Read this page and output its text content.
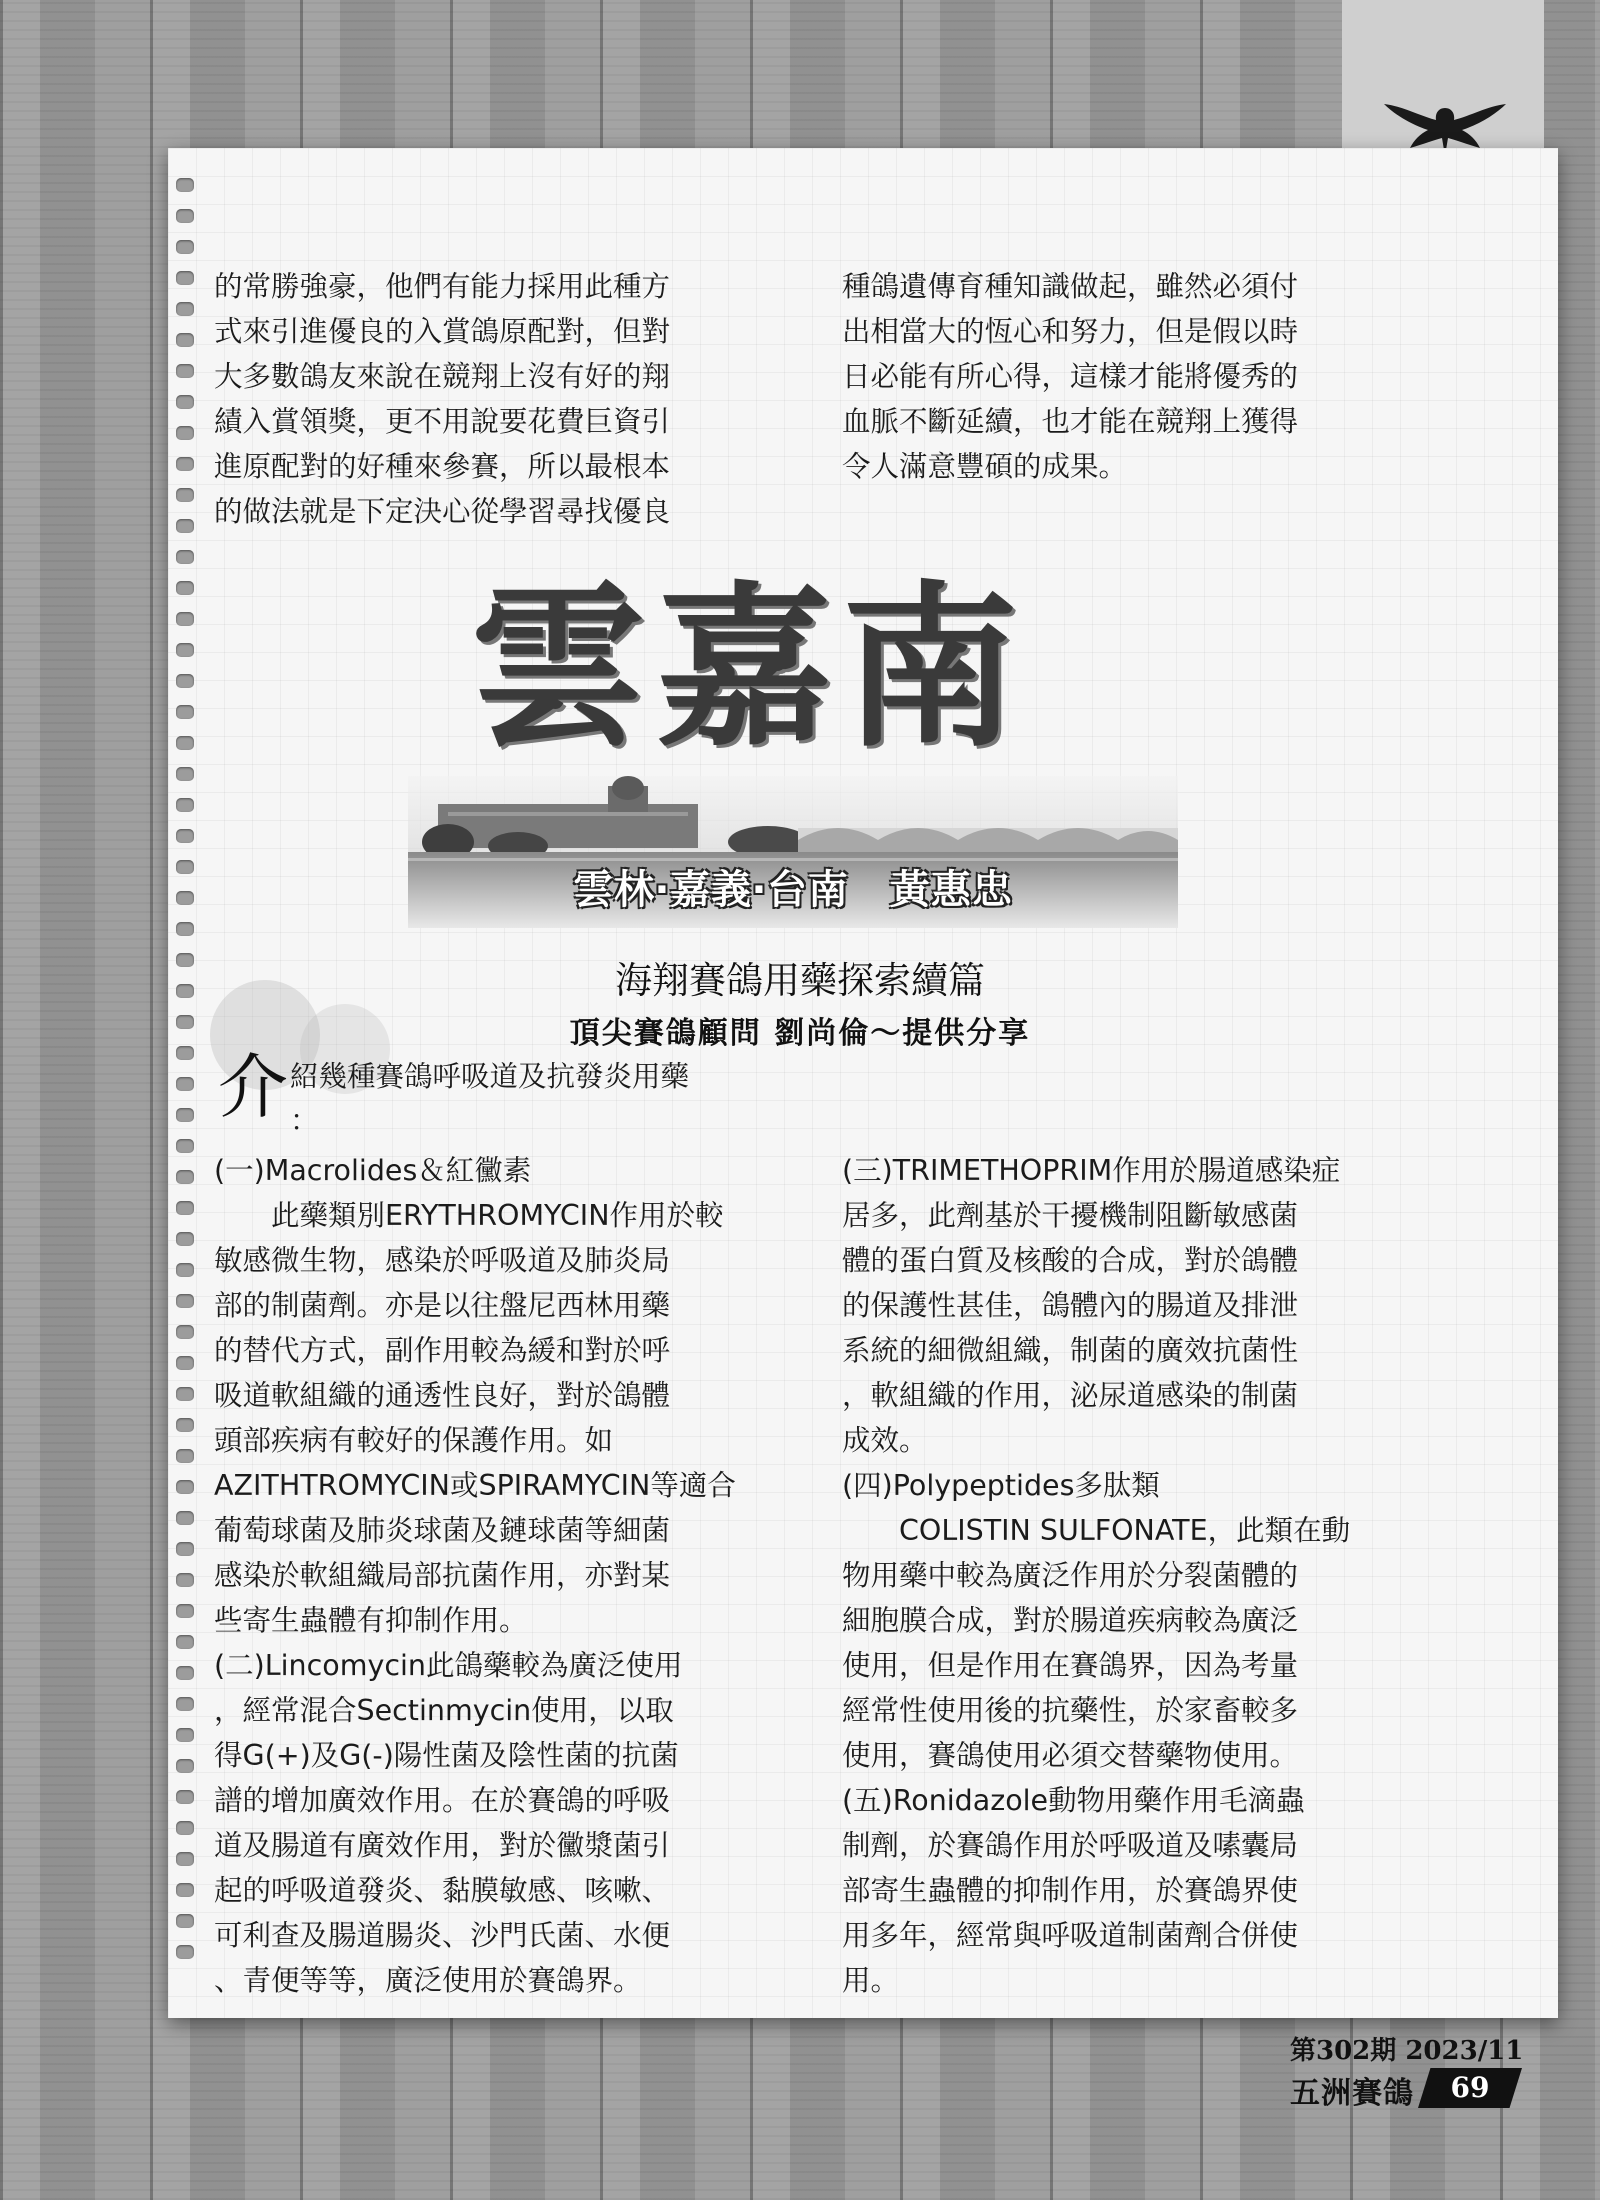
的常勝強豪，他們有能力採用此種方

式來引進優良的入賞鴿原配對，但對

大多數鴿友來說在競翔上沒有好的翔

績入賞領獎，更不用說要花費巨資引

進原配對的好種來參賽，所以最根本

的做法就是下定決心從學習尋找優良

種鴿遺傳育種知識做起，雖然必須付

出相當大的恆心和努力，但是假以時

日必能有所心得，這樣才能將優秀的

血脈不斷延續，也才能在競翔上獲得

令人滿意豐碩的成果。

雲嘉南
雲林‧嘉義‧台南　黃惠忠
海翔賽鴿用藥探索續篇
頂尖賽鴿顧問 劉尚倫～提供分享
介 紹幾種賽鴿呼吸道及抗發炎用藥
：

(一)Macrolides＆紅黴素

此藥類別ERYTHROMYCIN作用於較

敏感微生物，感染於呼吸道及肺炎局

部的制菌劑。亦是以往盤尼西林用藥

的替代方式，副作用較為緩和對於呼

吸道軟組織的通透性良好，對於鴿體

頭部疾病有較好的保護作用。如

AZITHTROMYCIN或SPIRAMYCIN等適合

葡萄球菌及肺炎球菌及鏈球菌等細菌

感染於軟組織局部抗菌作用，亦對某

些寄生蟲體有抑制作用。

(二)Lincomycin此鴿藥較為廣泛使用

，經常混合Sectinmycin使用，以取

得G(+)及G(-)陽性菌及陰性菌的抗菌

譜的增加廣效作用。在於賽鴿的呼吸

道及腸道有廣效作用，對於黴漿菌引

起的呼吸道發炎、黏膜敏感、咳嗽、

可利查及腸道腸炎、沙門氏菌、水便

、青便等等，廣泛使用於賽鴿界。

(三)TRIMETHOPRIM作用於腸道感染症

居多，此劑基於干擾機制阻斷敏感菌

體的蛋白質及核酸的合成，對於鴿體

的保護性甚佳，鴿體內的腸道及排泄

系統的細微組織，制菌的廣效抗菌性

，軟組織的作用，泌尿道感染的制菌

成效。

(四)Polypeptides多肽類

COLISTIN SULFONATE，此類在動

物用藥中較為廣泛作用於分裂菌體的

細胞膜合成，對於腸道疾病較為廣泛

使用，但是作用在賽鴿界，因為考量

經常性使用後的抗藥性，於家畜較多

使用，賽鴿使用必須交替藥物使用。

(五)Ronidazole動物用藥作用毛滴蟲

制劑，於賽鴿作用於呼吸道及嗉囊局

部寄生蟲體的抑制作用，於賽鴿界使

用多年，經常與呼吸道制菌劑合併使

用。

第302期 2023/11
五洲賽鴿	69
